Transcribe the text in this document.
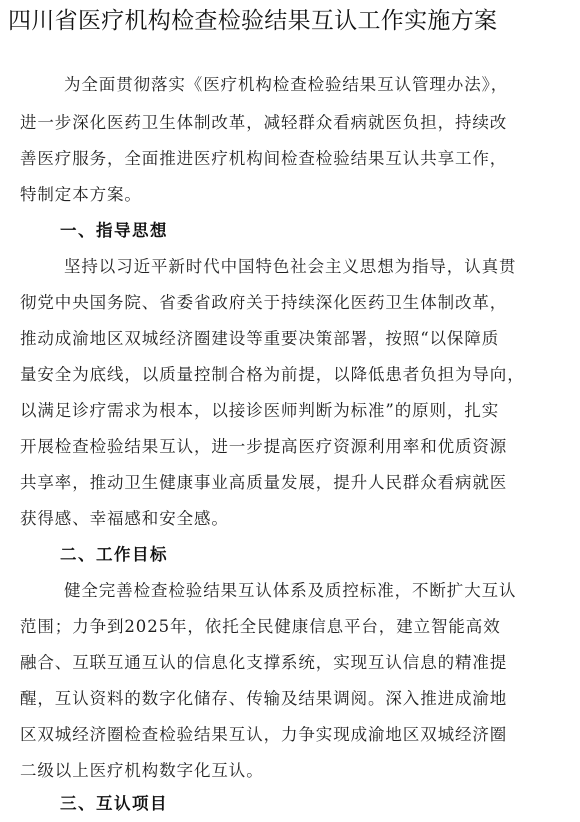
四川省医疗机构检查检验结果互认工作实施方案
为全面贯彻落实《医疗机构检查检验结果互认管理办法》，
进一步深化医药卫生体制改革，减轻群众看病就医负担，持续改
善医疗服务，全面推进医疗机构间检查检验结果互认共享工作，
特制定本方案。
一、指导思想
坚持以习近平新时代中国特色社会主义思想为指导，认真贯
彻党中央国务院、省委省政府关于持续深化医药卫生体制改革，
推动成渝地区双城经济圈建设等重要决策部署，按照“以保障质
量安全为底线，以质量控制合格为前提，以降低患者负担为导向，
以满足诊疗需求为根本，以接诊医师判断为标准”的原则，扎实
开展检查检验结果互认，进一步提高医疗资源利用率和优质资源
共享率，推动卫生健康事业高质量发展，提升人民群众看病就医
获得感、幸福感和安全感。
二、工作目标
健全完善检查检验结果互认体系及质控标准，不断扩大互认
范围；力争到2025年，依托全民健康信息平台，建立智能高效
融合、互联互通互认的信息化支撑系统，实现互认信息的精准提
醒，互认资料的数字化储存、传输及结果调阅。深入推进成渝地
区双城经济圈检查检验结果互认，力争实现成渝地区双城经济圈
二级以上医疗机构数字化互认。
三、互认项目
